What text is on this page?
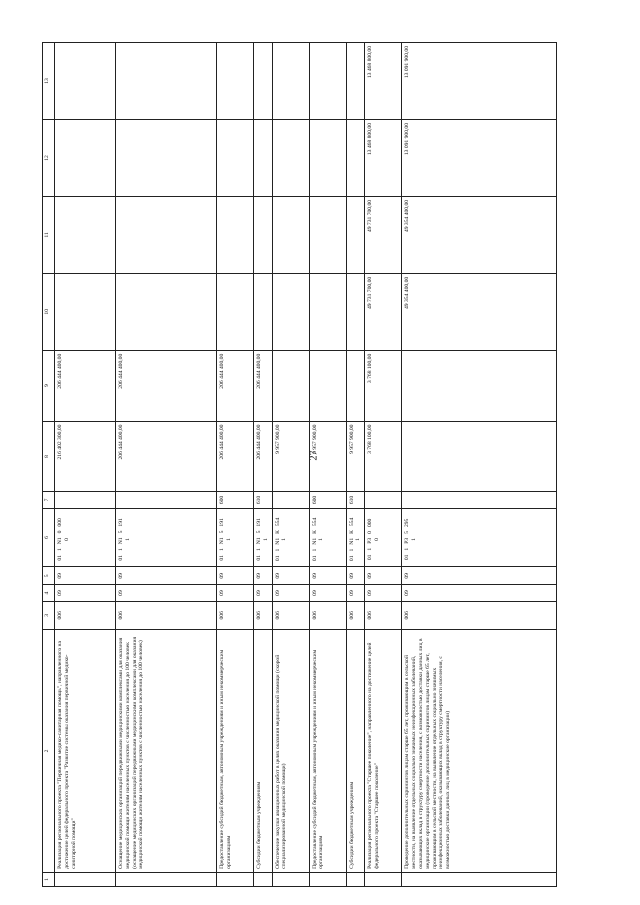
27
1	2	3	4	5	6	7	8	9	10	11	12	13
	Реализация регионального проекта "Первичная медико-санитарная помощь", направленного на достижение целей федерального проекта "Развитие системы оказания первичной медико-санитарной помощи"	006	09	09	011N100000		216 402 300,00	206 444 400,00				
	Оснащение медицинских организаций передвижными медицинскими комплексами для оказания медицинской помощи жителям населенных пунктов с численностью населения до 100 человек (оснащение медицинских организаций передвижными медицинскими комплексами для оказания медицинской помощи жителям населенных пунктов с численностью населения до 100 человек)	006	09	09	011N151911		206 444 400,00	206 444 400,00				
	Предоставление субсидий бюджетным, автономным учреждениям и иным некоммерческим организациям	006	09	09	011N151911	600	206 444 400,00	206 444 400,00				
	Субсидии бюджетным учреждениям	006	09	09	011N151911	610	206 444 400,00	206 444 400,00				
	Обеспечение закупки авиационных работ в целях оказания медицинской помощи (скорой специализированной медицинской помощи)	006	09	09	011N1К5541		9 957 900,00					
	Предоставление субсидий бюджетным, автономным учреждениям и иным некоммерческим организациям	006	09	09	011N1К5541	600	9 957 900,00					
	Субсидии бюджетным учреждениям	006	09	09	011N1К5541	610	9 957 900,00					
	Реализация регионального проекта "Старшее поколение", направленного на достижение целей федерального проекта "Старшее поколение"	006	09	09	011P300000		3 768 100,00	3 768 100,00	49 731 700,00	49 731 700,00	13 468 800,00	13 468 800,00
	Проведение дополнительных скринингов лицам старше 65 лет, проживающим в сельской местности, на выявление отдельных социально значимых неинфекционных заболеваний, оказывающих вклад в структуру смертности населения, с возможностью доставки данных лиц в медицинские организации (проведение дополнительных скринингов лицам старше 65 лет, проживающим в сельской местности, на выявление отдельных социально значимых неинфекционных заболеваний, оказывающих вклад в структуру смертности населения, с возможностью доставки данных лиц в медицинские организации)	006	09	09	011P352951				49 354 400,00	49 354 400,00	13 091 900,00	13 091 900,00
